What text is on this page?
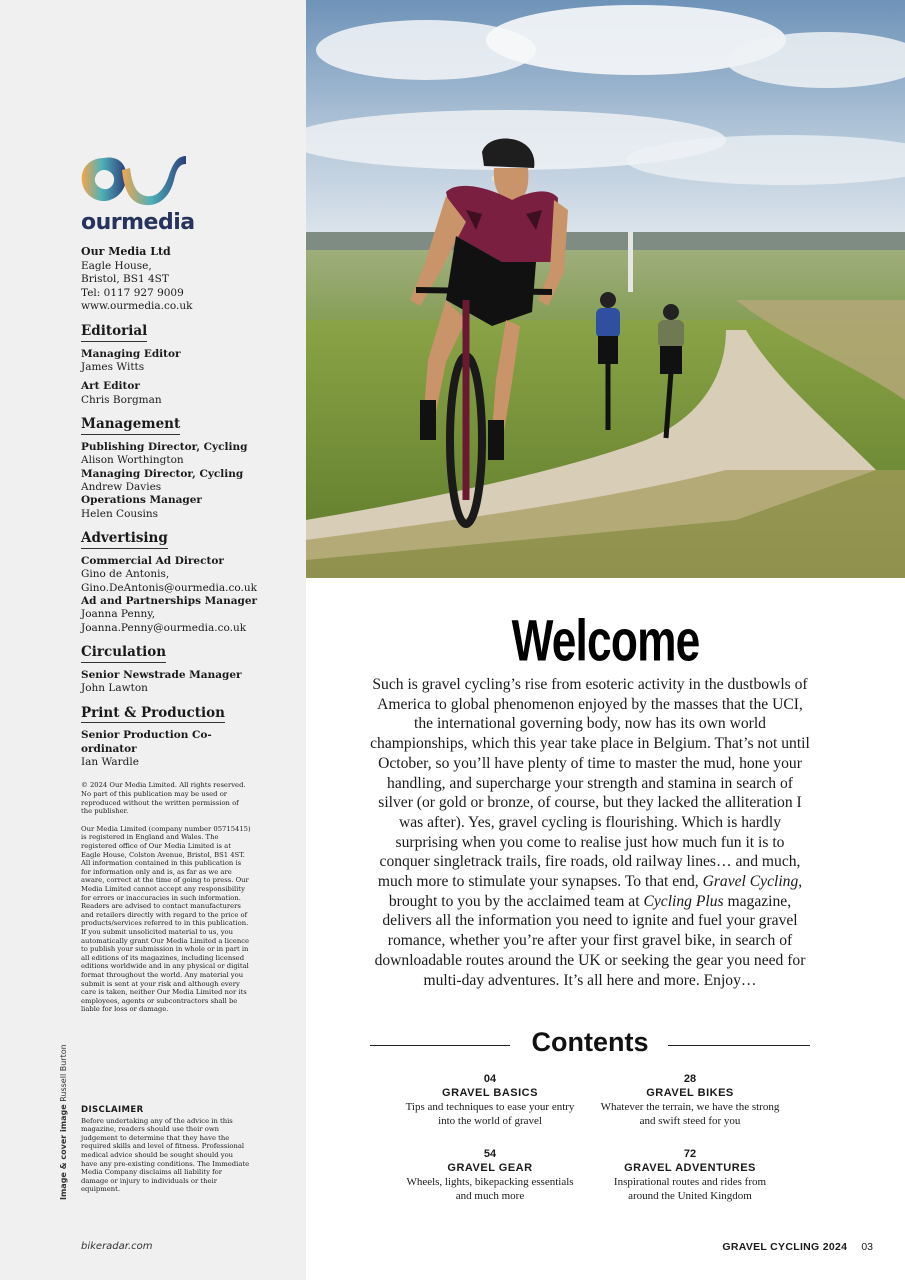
ourmedia
Our Media Ltd
Eagle House,
Bristol, BS1 4ST
Tel: 0117 927 9009
www.ourmedia.co.uk
Editorial
Managing Editor
James Witts
Art Editor
Chris Borgman
Management
Publishing Director, Cycling
Alison Worthington
Managing Director, Cycling
Andrew Davies
Operations Manager
Helen Cousins
Advertising
Commercial Ad Director
Gino de Antonis,
Gino.DeAntonis@ourmedia.co.uk
Ad and Partnerships Manager
Joanna Penny,
Joanna.Penny@ourmedia.co.uk
Circulation
Senior Newstrade Manager
John Lawton
Print & Production
Senior Production Co-ordinator
Ian Wardle
© 2024 Our Media Limited. All rights reserved. No part of this publication may be used or reproduced without the written permission of the publisher.
Our Media Limited (company number 05715415) is registered in England and Wales. The registered office of Our Media Limited is at Eagle House, Colston Avenue, Bristol, BS1 4ST. All information contained in this publication is for information only and is, as far as we are aware, correct at the time of going to press. Our Media Limited cannot accept any responsibility for errors or inaccuracies in such information. Readers are advised to contact manufacturers and retailers directly with regard to the price of products/services referred to in this publication. If you submit unsolicited material to us, you automatically grant Our Media Limited a licence to publish your submission in whole or in part in all editions of its magazines, including licensed editions worldwide and in any physical or digital format throughout the world. Any material you submit is sent at your risk and although every care is taken, neither Our Media Limited nor its employees, agents or subcontractors shall be liable for loss or damage.
Image & cover image Russell Burton
DISCLAIMER
Before undertaking any of the advice in this magazine, readers should use their own judgement to determine that they have the required skills and level of fitness. Professional medical advice should be sought should you have any pre-existing conditions. The Immediate Media Company disclaims all liability for damage or injury to individuals or their equipment.
bikeradar.com
Welcome
Such is gravel cycling’s rise from esoteric activity in the dustbowls of America to global phenomenon enjoyed by the masses that the UCI, the international governing body, now has its own world championships, which this year take place in Belgium. That’s not until October, so you’ll have plenty of time to master the mud, hone your handling, and supercharge your strength and stamina in search of silver (or gold or bronze, of course, but they lacked the alliteration I was after). Yes, gravel cycling is flourishing. Which is hardly surprising when you come to realise just how much fun it is to conquer singletrack trails, fire roads, old railway lines… and much, much more to stimulate your synapses. To that end, Gravel Cycling, brought to you by the acclaimed team at Cycling Plus magazine, delivers all the information you need to ignite and fuel your gravel romance, whether you’re after your first gravel bike, in search of downloadable routes around the UK or seeking the gear you need for multi-day adventures. It’s all here and more. Enjoy…
Contents
04
GRAVEL BASICS
Tips and techniques to ease your entry into the world of gravel
28
GRAVEL BIKES
Whatever the terrain, we have the strong and swift steed for you
54
GRAVEL GEAR
Wheels, lights, bikepacking essentials and much more
72
GRAVEL ADVENTURES
Inspirational routes and rides from around the United Kingdom
GRAVEL CYCLING 2024 03
